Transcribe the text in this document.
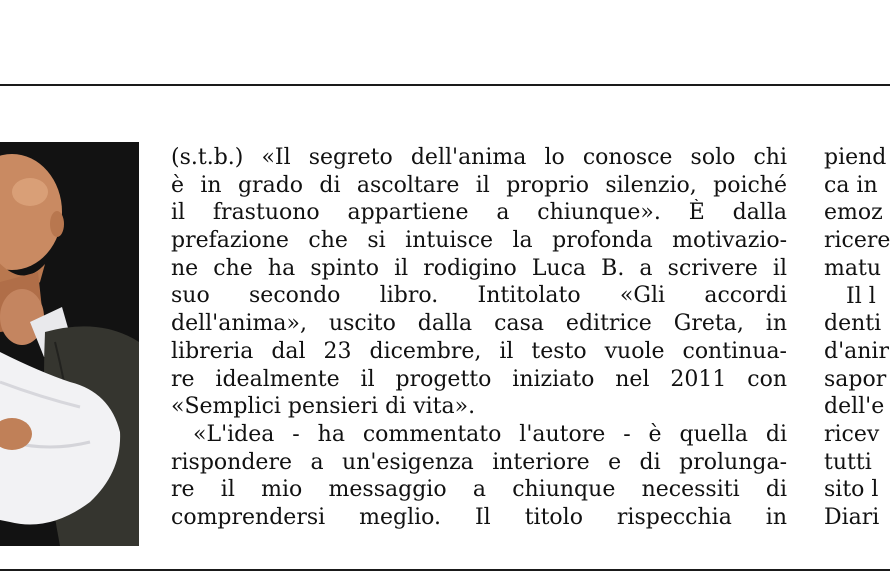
(s.t.b.) «Il segreto dell'anima lo conosce solo chi
è in grado di ascoltare il proprio silenzio, poiché
il frastuono appartiene a chiunque». È dalla
prefazione che si intuisce la profonda motivazio-
ne che ha spinto il rodigino Luca B. a scrivere il
suo secondo libro. Intitolato «Gli accordi
dell'anima», uscito dalla casa editrice Greta, in
libreria dal 23 dicembre, il testo vuole continua-
re idealmente il progetto iniziato nel 2011 con
«Semplici pensieri di vita».
«L'idea - ha commentato l'autore - è quella di
rispondere a un'esigenza interiore e di prolunga-
re il mio messaggio a chiunque necessiti di
comprendersi meglio. Il titolo rispecchia in
piend
ca in
emoz
ricere
matu
Il l
denti
d'anir
sapor
dell'e
ricev
tutti
sito l
Diari
